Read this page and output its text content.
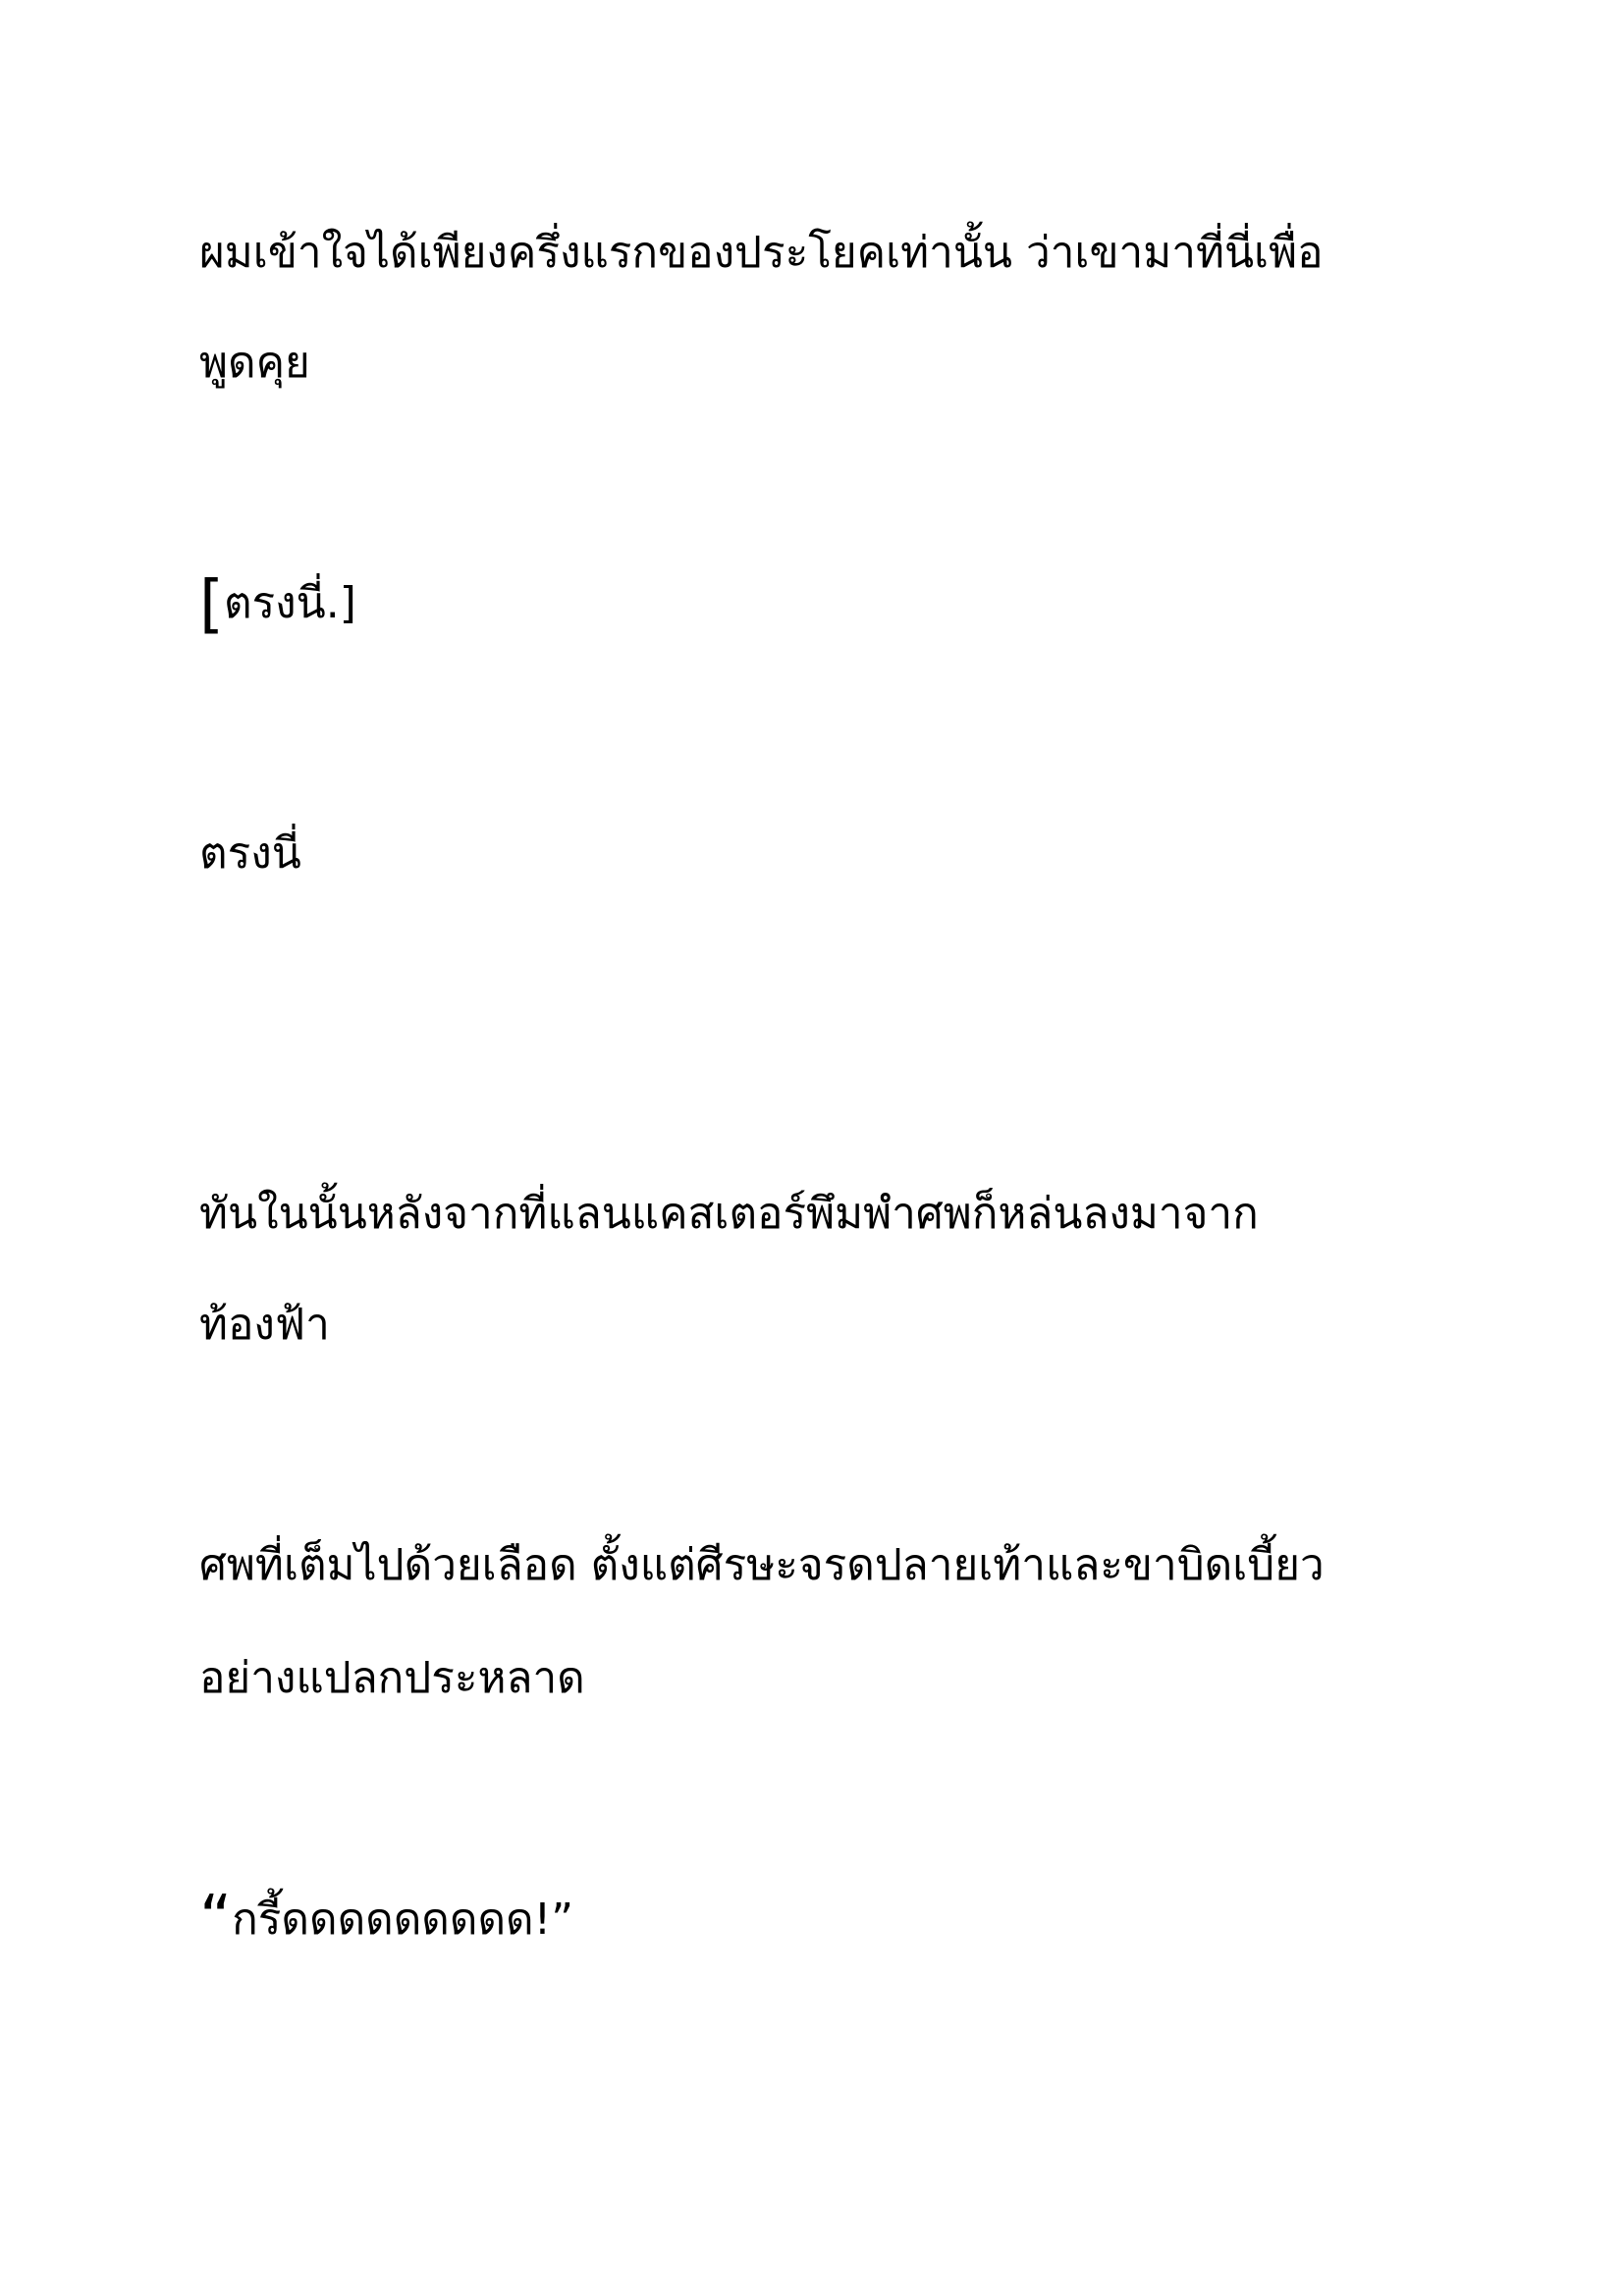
ผมเข้าใจได้เพียงครึ่งแรกของประโยคเท่านั้น ว่าเขามาที่นี่เพื่อ
พูดคุย
[ตรงนี่.]
ตรงนี่
ทันในนั้นหลังจากที่แลนแคสเตอร์พึมพำศพก็หล่นลงมาจาก
ท้องฟ้า
ศพที่เต็มไปด้วยเลือด ตั้งแต่ศีรษะจรดปลายเท้าและขาบิดเบี้ยว
อย่างแปลกประหลาด
“กรี้ดดดดดดดดด!”
